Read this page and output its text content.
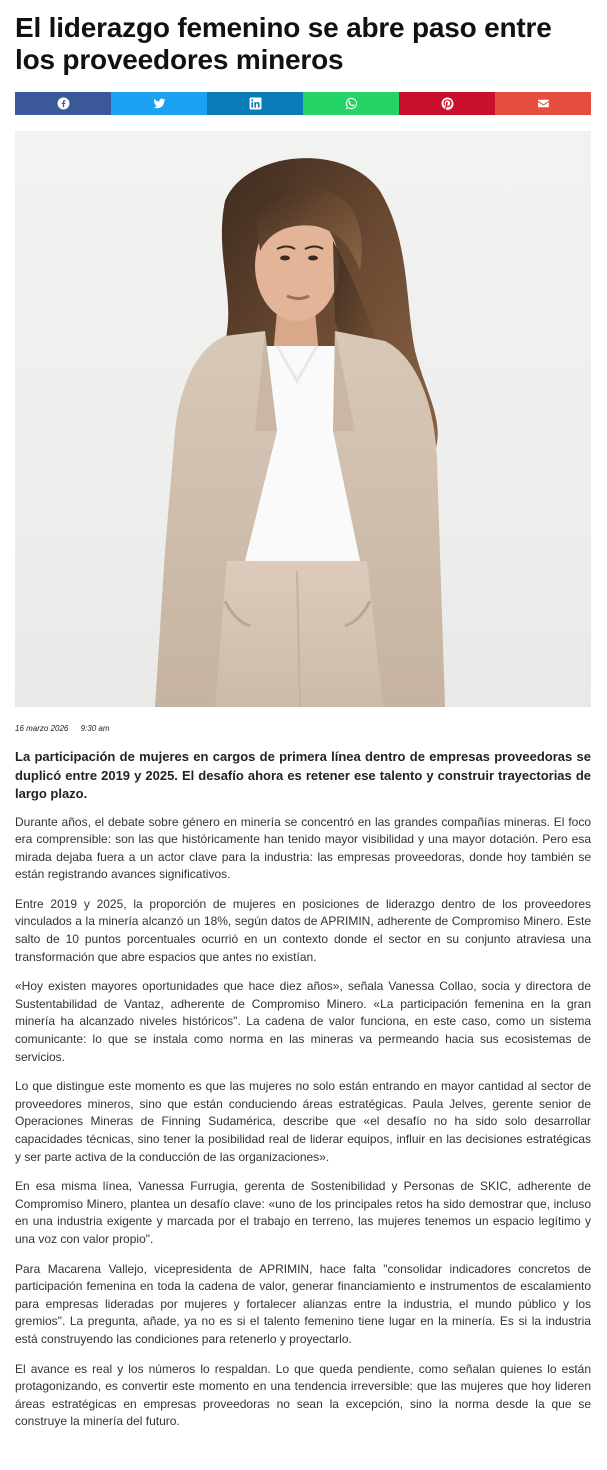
El liderazgo femenino se abre paso entre los proveedores mineros
16 marzo 2026 9:30 am
La participación de mujeres en cargos de primera línea dentro de empresas proveedoras se duplicó entre 2019 y 2025. El desafío ahora es retener ese talento y construir trayectorias de largo plazo.

Durante años, el debate sobre género en minería se concentró en las grandes compañías mineras. El foco era comprensible: son las que históricamente han tenido mayor visibilidad y una mayor dotación. Pero esa mirada dejaba fuera a un actor clave para la industria: las empresas proveedoras, donde hoy también se están registrando avances significativos.

Entre 2019 y 2025, la proporción de mujeres en posiciones de liderazgo dentro de los proveedores vinculados a la minería alcanzó un 18%, según datos de APRIMIN, adherente de Compromiso Minero. Este salto de 10 puntos porcentuales ocurrió en un contexto donde el sector en su conjunto atraviesa una transformación que abre espacios que antes no existían.

«Hoy existen mayores oportunidades que hace diez años», señala Vanessa Collao, socia y directora de Sustentabilidad de Vantaz, adherente de Compromiso Minero. «La participación femenina en la gran minería ha alcanzado niveles históricos". La cadena de valor funciona, en este caso, como un sistema comunicante: lo que se instala como norma en las mineras va permeando hacia sus ecosistemas de servicios.

Lo que distingue este momento es que las mujeres no solo están entrando en mayor cantidad al sector de proveedores mineros, sino que están conduciendo áreas estratégicas. Paula Jelves, gerente senior de Operaciones Mineras de Finning Sudamérica, describe que «el desafío no ha sido solo desarrollar capacidades técnicas, sino tener la posibilidad real de liderar equipos, influir en las decisiones estratégicas y ser parte activa de la conducción de las organizaciones».

En esa misma línea, Vanessa Furrugia, gerenta de Sostenibilidad y Personas de SKIC, adherente de Compromiso Minero, plantea un desafío clave: «uno de los principales retos ha sido demostrar que, incluso en una industria exigente y marcada por el trabajo en terreno, las mujeres tenemos un espacio legítimo y una voz con valor propio".

Para Macarena Vallejo, vicepresidenta de APRIMIN, hace falta "consolidar indicadores concretos de participación femenina en toda la cadena de valor, generar financiamiento e instrumentos de escalamiento para empresas lideradas por mujeres y fortalecer alianzas entre la industria, el mundo público y los gremios". La pregunta, añade, ya no es si el talento femenino tiene lugar en la minería. Es si la industria está construyendo las condiciones para retenerlo y proyectarlo.

El avance es real y los números lo respaldan. Lo que queda pendiente, como señalan quienes lo están protagonizando, es convertir este momento en una tendencia irreversible: que las mujeres que hoy lideren áreas estratégicas en empresas proveedoras no sean la excepción, sino la norma desde la que se construye la minería del futuro.
